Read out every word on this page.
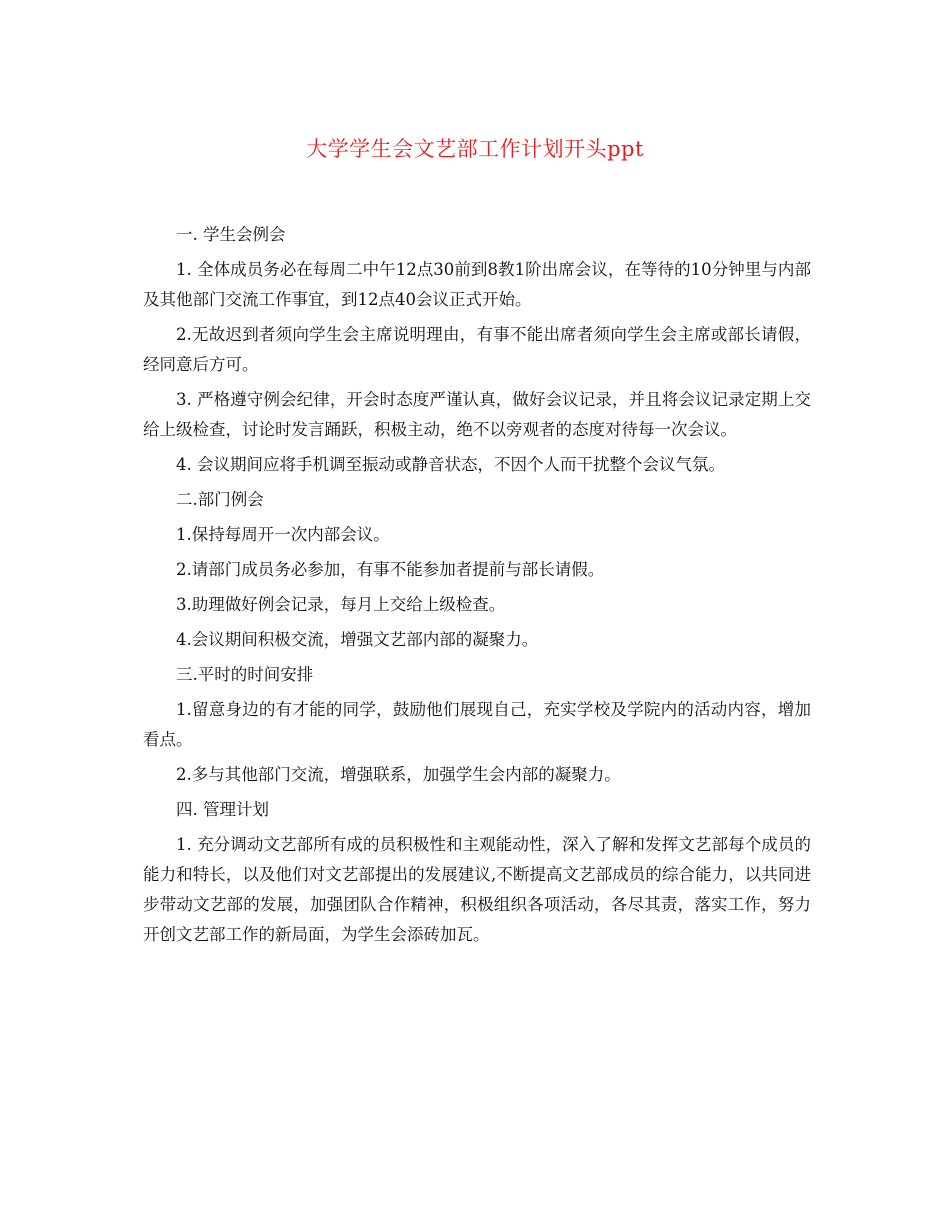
大学学生会文艺部工作计划开头ppt

一. 学生会例会

1. 全体成员务必在每周二中午12点30前到8教1阶出席会议，在等待的10分钟里与内部及其他部门交流工作事宜，到12点40会议正式开始。

2.无故迟到者须向学生会主席说明理由，有事不能出席者须向学生会主席或部长请假，经同意后方可。

3. 严格遵守例会纪律，开会时态度严谨认真，做好会议记录，并且将会议记录定期上交给上级检查，讨论时发言踊跃，积极主动，绝不以旁观者的态度对待每一次会议。

4. 会议期间应将手机调至振动或静音状态，不因个人而干扰整个会议气氛。

二.部门例会

1.保持每周开一次内部会议。

2.请部门成员务必参加，有事不能参加者提前与部长请假。

3.助理做好例会记录，每月上交给上级检查。

4.会议期间积极交流，增强文艺部内部的凝聚力。

三.平时的时间安排

1.留意身边的有才能的同学，鼓励他们展现自己，充实学校及学院内的活动内容，增加看点。

2.多与其他部门交流，增强联系，加强学生会内部的凝聚力。

四. 管理计划

1. 充分调动文艺部所有成的员积极性和主观能动性，深入了解和发挥文艺部每个成员的能力和特长，以及他们对文艺部提出的发展建议,不断提高文艺部成员的综合能力，以共同进步带动文艺部的发展，加强团队合作精神，积极组织各项活动，各尽其责，落实工作，努力开创文艺部工作的新局面，为学生会添砖加瓦。
